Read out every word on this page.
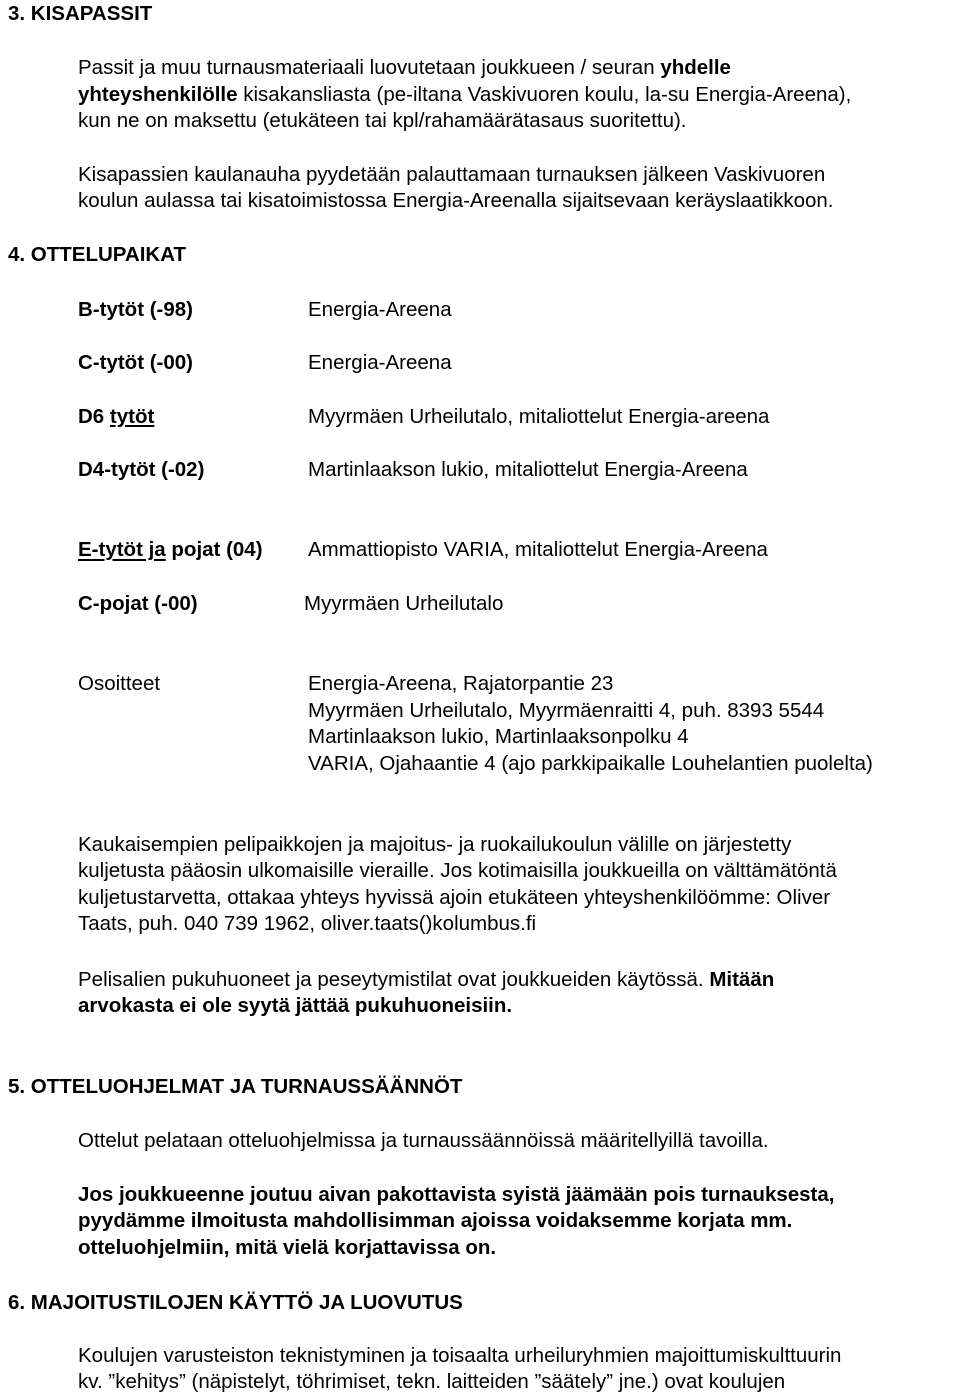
3. KISAPASSIT
Passit ja muu turnausmateriaali luovutetaan joukkueen / seuran yhdelle
yhteyshenkilölle kisakansliasta (pe-iltana Vaskivuoren koulu, la-su Energia-Areena),
kun ne on maksettu (etukäteen tai kpl/rahamäärätasaus suoritettu).
Kisapassien kaulanauha pyydetään palauttamaan turnauksen jälkeen Vaskivuoren
koulun aulassa tai kisatoimistossa Energia-Areenalla sijaitsevaan keräyslaatikkoon.
4. OTTELUPAIKAT
B-tytöt (-98)	Energia-Areena
C-tytöt (-00)	Energia-Areena
D6 tytöt	Myyrmäen Urheilutalo, mitaliottelut Energia-areena
D4-tytöt (-02)	Martinlaakson lukio, mitaliottelut Energia-Areena
E-tytöt ja pojat (04) Ammattiopisto VARIA, mitaliottelut Energia-Areena
C-pojat (-00)	Myyrmäen Urheilutalo
Osoitteet	Energia-Areena, Rajatorpantie 23
Myyrmäen Urheilutalo, Myyrmäenraitti 4, puh. 8393 5544
Martinlaakson lukio, Martinlaaksonpolku 4
VARIA, Ojahaantie 4 (ajo parkkipaikalle Louhelantien puolelta)
Kaukaisempien pelipaikkojen ja majoitus- ja ruokailukoulun välille on järjestetty
kuljetusta pääosin ulkomaisille vieraille. Jos kotimaisilla joukkueilla on välttämätöntä
kuljetustarvetta, ottakaa yhteys hyvissä ajoin etukäteen yhteyshenkilöömme: Oliver
Taats, puh. 040 739 1962, oliver.taats()kolumbus.fi
Pelisalien pukuhuoneet ja peseytymistilat ovat joukkueiden käytössä. Mitään
arvokasta ei ole syytä jättää pukuhuoneisiin.
5. OTTELUOHJELMAT JA TURNAUSSÄÄNNÖT
Ottelut pelataan otteluohjelmissa ja turnaussäännöissä määritellyillä tavoilla.
Jos joukkueenne joutuu aivan pakottavista syistä jäämään pois turnauksesta,
pyydämme ilmoitusta mahdollisimman ajoissa voidaksemme korjata mm.
otteluohjelmiin, mitä vielä korjattavissa on.
6. MAJOITUSTILOJEN KÄYTTÖ JA LUOVUTUS
Koulujen varusteiston teknistyminen ja toisaalta urheiluryhmien majoittumiskulttuurin
kv. ”kehitys” (näpistelyt, töhrimiset, tekn. laitteiden ”säätely” jne.) ovat koulujen
